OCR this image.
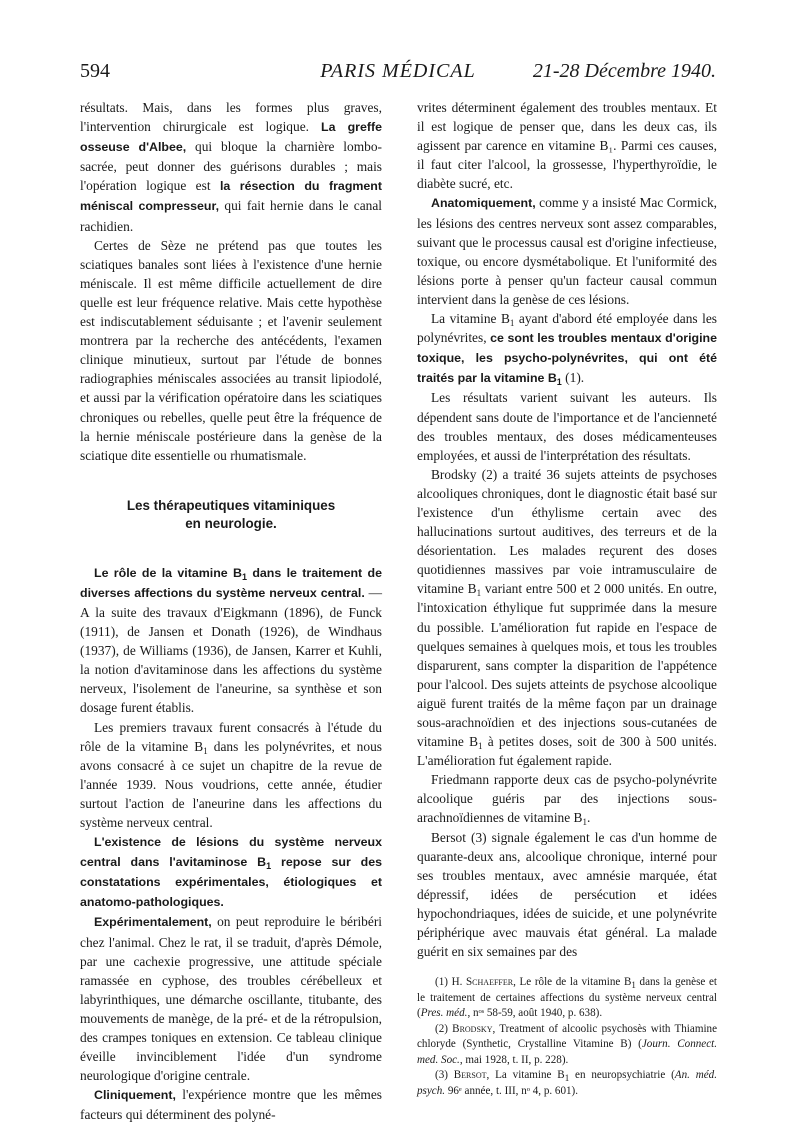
594	PARIS MÉDICAL	21-28 Décembre 1940.

résultats. Mais, dans les formes plus graves, l'intervention chirurgicale est logique. La greffe osseuse d'Albee, qui bloque la charnière lombo-sacrée, peut donner des guérisons durables ; mais l'opération logique est la résection du fragment méniscal compresseur, qui fait hernie dans le canal rachidien.

Certes de Sèze ne prétend pas que toutes les sciatiques banales sont liées à l'existence d'une hernie méniscale. Il est même difficile actuellement de dire quelle est leur fréquence relative. Mais cette hypothèse est indiscutablement séduisante ; et l'avenir seulement montrera par la recherche des antécédents, l'examen clinique minutieux, surtout par l'étude de bonnes radiographies méniscales associées au transit lipiodolé, et aussi par la vérification opératoire dans les sciatiques chroniques ou rebelles, quelle peut être la fréquence de la hernie méniscale postérieure dans la genèse de la sciatique dite essentielle ou rhumatismale.

Les thérapeutiques vitaminiques
en neurologie.

Le rôle de la vitamine $B_1$ dans le traitement de diverses affections du système nerveux central. — A la suite des travaux d'Eigkmann (1896), de Funck (1911), de Jansen et Donath (1926), de Windhaus (1937), de Williams (1936), de Jansen, Karrer et Kuhli, la notion d'avitaminose dans les affections du système nerveux, l'isolement de l'aneurine, sa synthèse et son dosage furent établis.

Les premiers travaux furent consacrés à l'étude du rôle de la vitamine $B_1$ dans les polynévrites, et nous avons consacré à ce sujet un chapitre de la revue de l'année 1939. Nous voudrions, cette année, étudier surtout l'action de l'aneurine dans les affections du système nerveux central.

L'existence de lésions du système nerveux central dans l'avitaminose $B_1$ repose sur des constatations expérimentales, étiologiques et anatomo-pathologiques.

Expérimentalement, on peut reproduire le béribéri chez l'animal. Chez le rat, il se traduit, d'après Démole, par une cachexie progressive, une attitude spéciale ramassée en cyphose, des troubles cérébelleux et labyrinthiques, une démarche oscillante, titubante, des mouvements de manège, de la pré- et de la rétropulsion, des crampes toniques en extension. Ce tableau clinique éveille invinciblement l'idée d'un syndrome neurologique d'origine centrale.

Cliniquement, l'expérience montre que les mêmes facteurs qui déterminent des polyné-

vrites déterminent également des troubles mentaux. Et il est logique de penser que, dans les deux cas, ils agissent par carence en vitamine B₁. Parmi ces causes, il faut citer l'alcool, la grossesse, l'hyperthyroïdie, le diabète sucré, etc.

Anatomiquement, comme y a insisté Mac Cormick, les lésions des centres nerveux sont assez comparables, suivant que le processus causal est d'origine infectieuse, toxique, ou encore dysmétabolique. Et l'uniformité des lésions porte à penser qu'un facteur causal commun intervient dans la genèse de ces lésions.

La vitamine $B_1$ ayant d'abord été employée dans les polynévrites, ce sont les troubles mentaux d'origine toxique, les psycho-polynévrites, qui ont été traités par la vitamine $B_1$ (1).

Les résultats varient suivant les auteurs. Ils dépendent sans doute de l'importance et de l'ancienneté des troubles mentaux, des doses médicamenteuses employées, et aussi de l'interprétation des résultats.

Brodsky (2) a traité 36 sujets atteints de psychoses alcooliques chroniques, dont le diagnostic était basé sur l'existence d'un éthylisme certain avec des hallucinations surtout auditives, des terreurs et de la désorientation. Les malades reçurent des doses quotidiennes massives par voie intramusculaire de vitamine $B_1$ variant entre 500 et 2 000 unités. En outre, l'intoxication éthylique fut supprimée dans la mesure du possible. L'amélioration fut rapide en l'espace de quelques semaines à quelques mois, et tous les troubles disparurent, sans compter la disparition de l'appétence pour l'alcool. Des sujets atteints de psychose alcoolique aiguë furent traités de la même façon par un drainage sous-arachnoïdien et des injections sous-cutanées de vitamine $B_1$ à petites doses, soit de 300 à 500 unités. L'amélioration fut également rapide.

Friedmann rapporte deux cas de psycho-polynévrite alcoolique guéris par des injections sous-arachnoïdiennes de vitamine $B_1$.

Bersot (3) signale également le cas d'un homme de quarante-deux ans, alcoolique chronique, interné pour ses troubles mentaux, avec amnésie marquée, état dépressif, idées de persécution et idées hypochondriaques, idées de suicide, et une polynévrite périphérique avec mauvais état général. La malade guérit en six semaines par des

(1) H. Schaeffer, Le rôle de la vitamine $B_1$ dans la genèse et le traitement de certaines affections du système nerveux central (Pres. méd., nᵒˢ 58-59, août 1940, p. 638).

(2) Brodsky, Treatment of alcoolic psychosès with Thiamine chloryde (Synthetic, Crystalline Vitamine B) (Journ. Connect. med. Soc., mai 1928, t. II, p. 228).

(3) Bersot, La vitamine $B_1$ en neuropsychiatrie (An. méd. psych. 96ᵉ année, t. III, nᵒ 4, p. 601).
